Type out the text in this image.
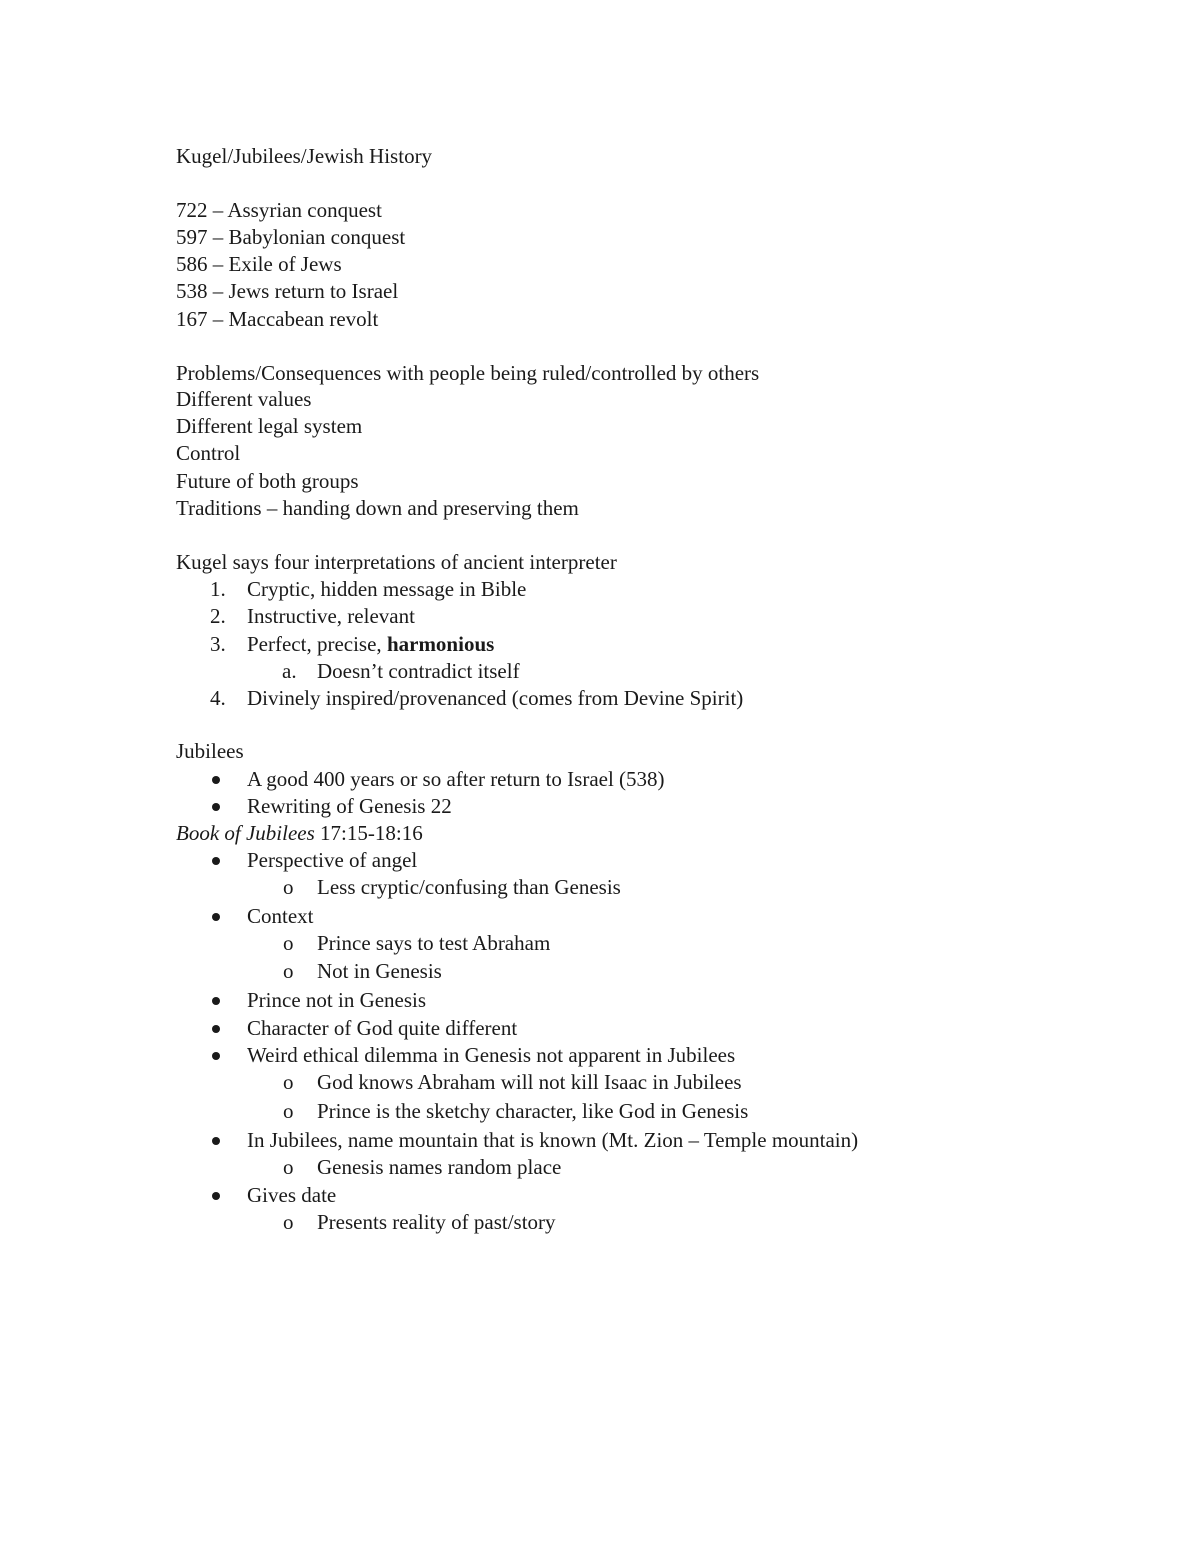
Kugel/Jubilees/Jewish History
722 – Assyrian conquest
597 – Babylonian conquest
586 – Exile of Jews
538 – Jews return to Israel
167 – Maccabean revolt
Problems/Consequences with people being ruled/controlled by others
Different values
Different legal system
Control
Future of both groups
Traditions – handing down and preserving them
Kugel says four interpretations of ancient interpreter
1. Cryptic, hidden message in Bible
2. Instructive, relevant
3. Perfect, precise, harmonious
a. Doesn’t contradict itself
4. Divinely inspired/provenanced (comes from Devine Spirit)
Jubilees
A good 400 years or so after return to Israel (538)
Rewriting of Genesis 22
Book of Jubilees 17:15-18:16
Perspective of angel
o Less cryptic/confusing than Genesis
Context
o Prince says to test Abraham
o Not in Genesis
Prince not in Genesis
Character of God quite different
Weird ethical dilemma in Genesis not apparent in Jubilees
o God knows Abraham will not kill Isaac in Jubilees
o Prince is the sketchy character, like God in Genesis
In Jubilees, name mountain that is known (Mt. Zion – Temple mountain)
o Genesis names random place
Gives date
o Presents reality of past/story
